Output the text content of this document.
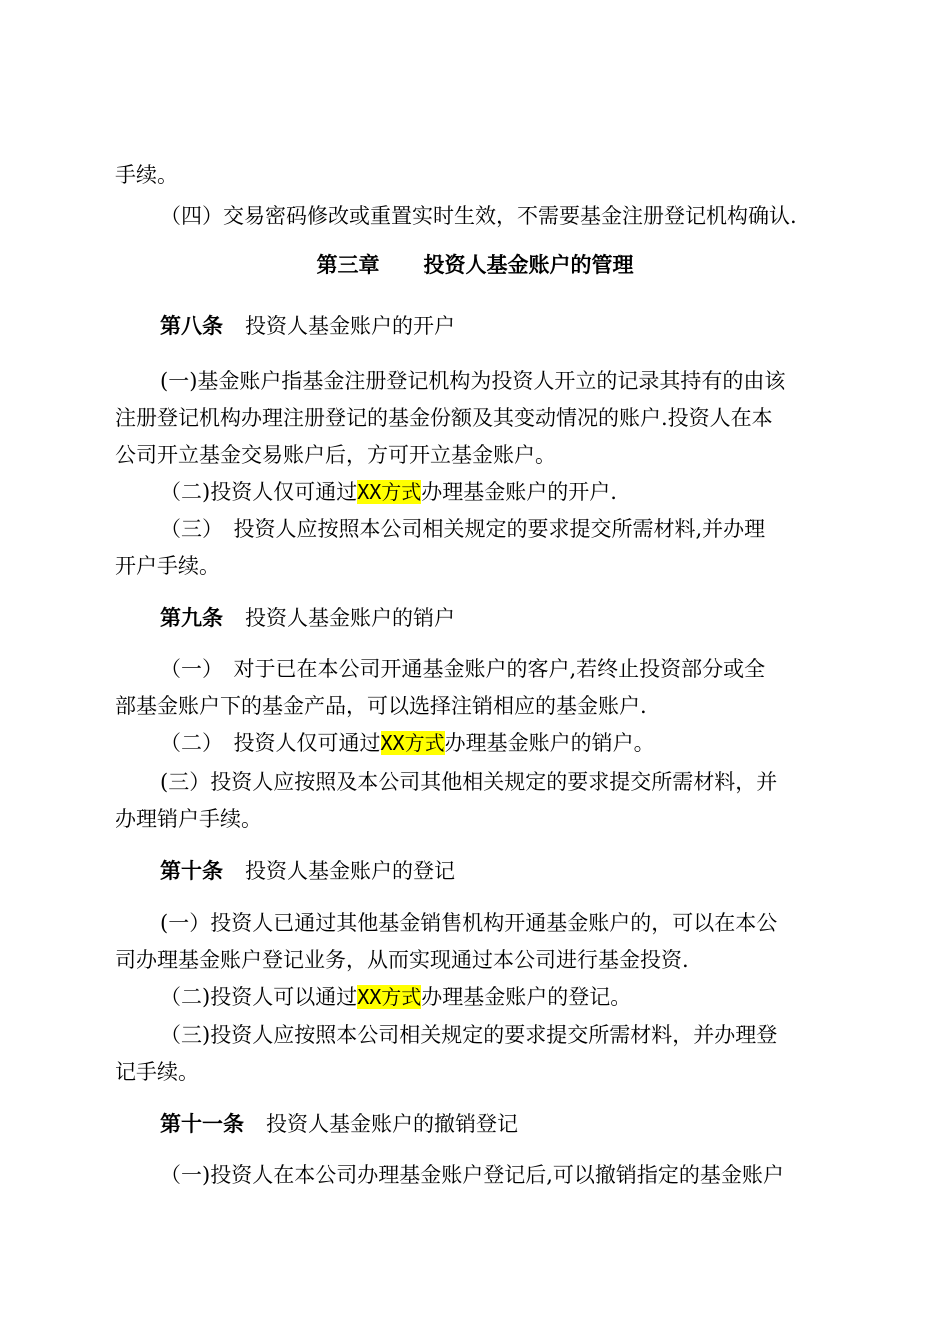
手续。
（四）交易密码修改或重置实时生效，不需要基金注册登记机构确认.
第三章 投资人基金账户的管理
第八条 投资人基金账户的开户
(一)基金账户指基金注册登记机构为投资人开立的记录其持有的由该
注册登记机构办理注册登记的基金份额及其变动情况的账户.投资人在本
公司开立基金交易账户后，方可开立基金账户。
（二)投资人仅可通过XX方式办理基金账户的开户.
（三）　投资人应按照本公司相关规定的要求提交所需材料,并办理
开户手续。
第九条 投资人基金账户的销户
（一）　对于已在本公司开通基金账户的客户,若终止投资部分或全
部基金账户下的基金产品，可以选择注销相应的基金账户.
（二）　投资人仅可通过XX方式办理基金账户的销户。
(三）投资人应按照及本公司其他相关规定的要求提交所需材料，并
办理销户手续。
第十条 投资人基金账户的登记
(一）投资人已通过其他基金销售机构开通基金账户的，可以在本公
司办理基金账户登记业务，从而实现通过本公司进行基金投资.
（二)投资人可以通过XX方式办理基金账户的登记。
（三)投资人应按照本公司相关规定的要求提交所需材料，并办理登
记手续。
第十一条 投资人基金账户的撤销登记
（一)投资人在本公司办理基金账户登记后,可以撤销指定的基金账户
